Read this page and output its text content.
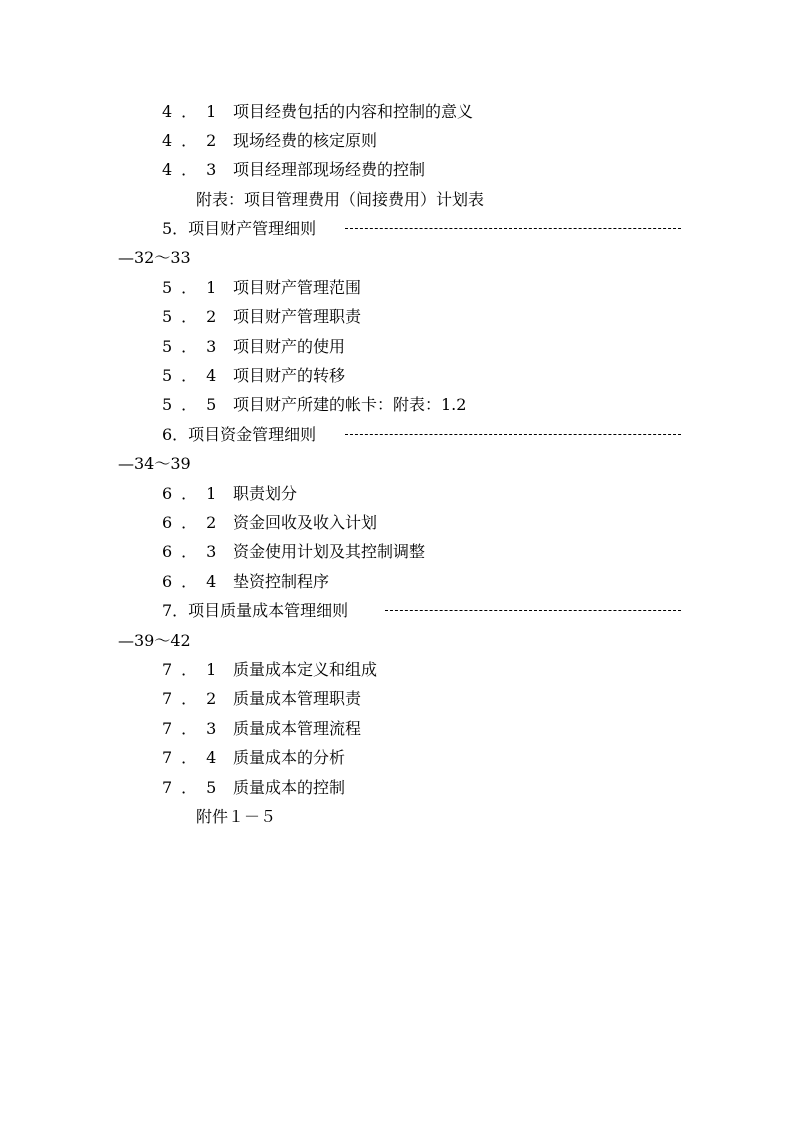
4．1 项目经费包括的内容和控制的意义
4．2 现场经费的核定原则
4．3 项目经理部现场经费的控制
附表：项目管理费用（间接费用）计划表
5．项目财产管理细则
—32～33
5．1 项目财产管理范围
5．2 项目财产管理职责
5．3 项目财产的使用
5．4 项目财产的转移
5．5 项目财产所建的帐卡：附表：1.2
6．项目资金管理细则
—34～39
6．1 职责划分
6．2 资金回收及收入计划
6．3 资金使用计划及其控制调整
6．4 垫资控制程序
7．项目质量成本管理细则
—39～42
7．1 质量成本定义和组成
7．2 质量成本管理职责
7．3 质量成本管理流程
7．4 质量成本的分析
7．5 质量成本的控制
附件１－５
